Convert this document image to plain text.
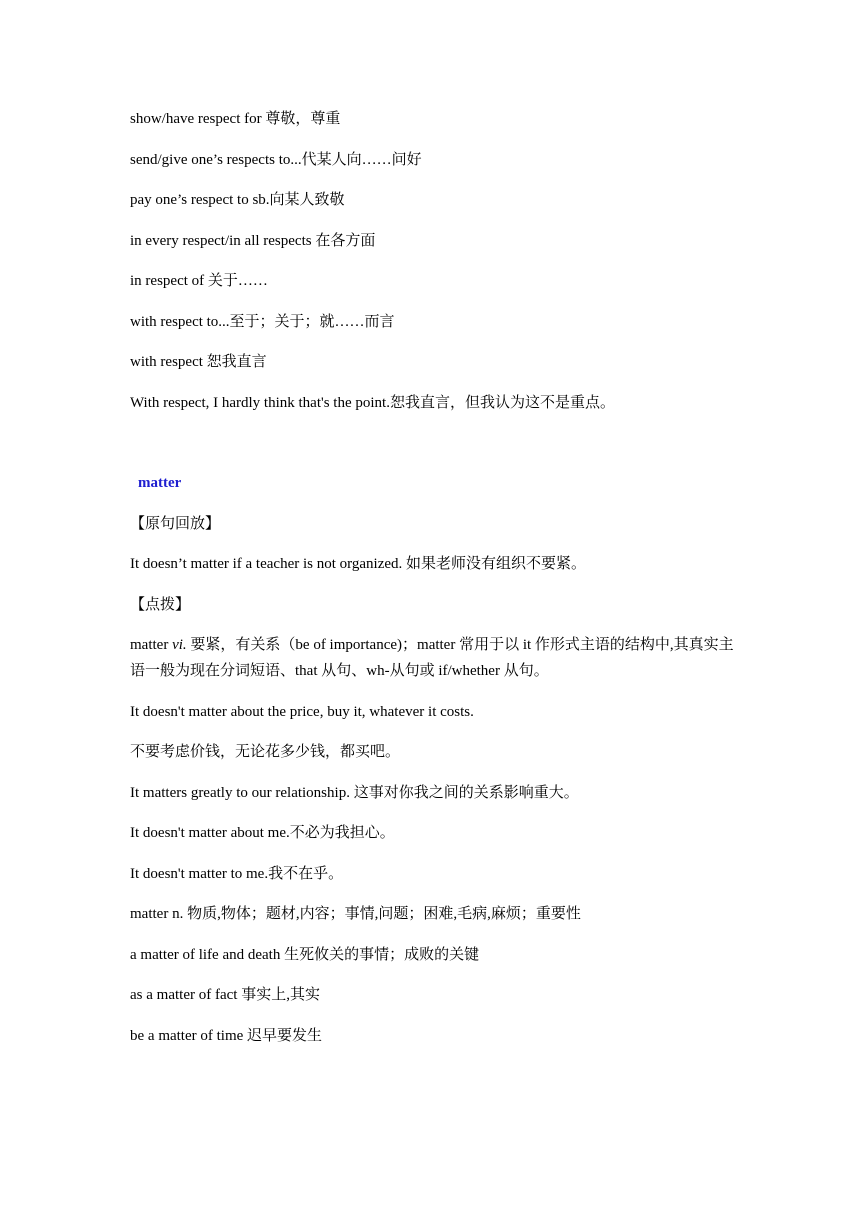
show/have respect for 尊敬，尊重
send/give one’s respects to...代某人向……问好
pay one’s respect to sb.向某人致敬
in every respect/in all respects 在各方面
in respect of 关于……
with respect to...至于；关于；就……而言
with respect 恕我直言
With respect, I hardly think that's the point.恕我直言，但我认为这不是重点。
matter
【原句回放】
It doesn’t matter if a teacher is not organized. 如果老师没有组织不要紧。
【点拨】
matter vi. 要紧，有关系（be of importance)；matter 常用于以 it 作形式主语的结构中,其真实主语一般为现在分词短语、that 从句、wh-从句或 if/whether 从句。
It doesn't matter about the price, buy it, whatever it costs.
不要考虑价钱，无论花多少钱，都买吧。
It matters greatly to our relationship. 这事对你我之间的关系影响重大。
It doesn't matter about me.不必为我担心。
It doesn't matter to me.我不在乎。
matter n. 物质,物体；题材,内容；事情,问题；困难,毛病,麻烦；重要性
a matter of life and death 生死攸关的事情；成败的关键
as a matter of fact 事实上,其实
be a matter of time 迟早要发生
